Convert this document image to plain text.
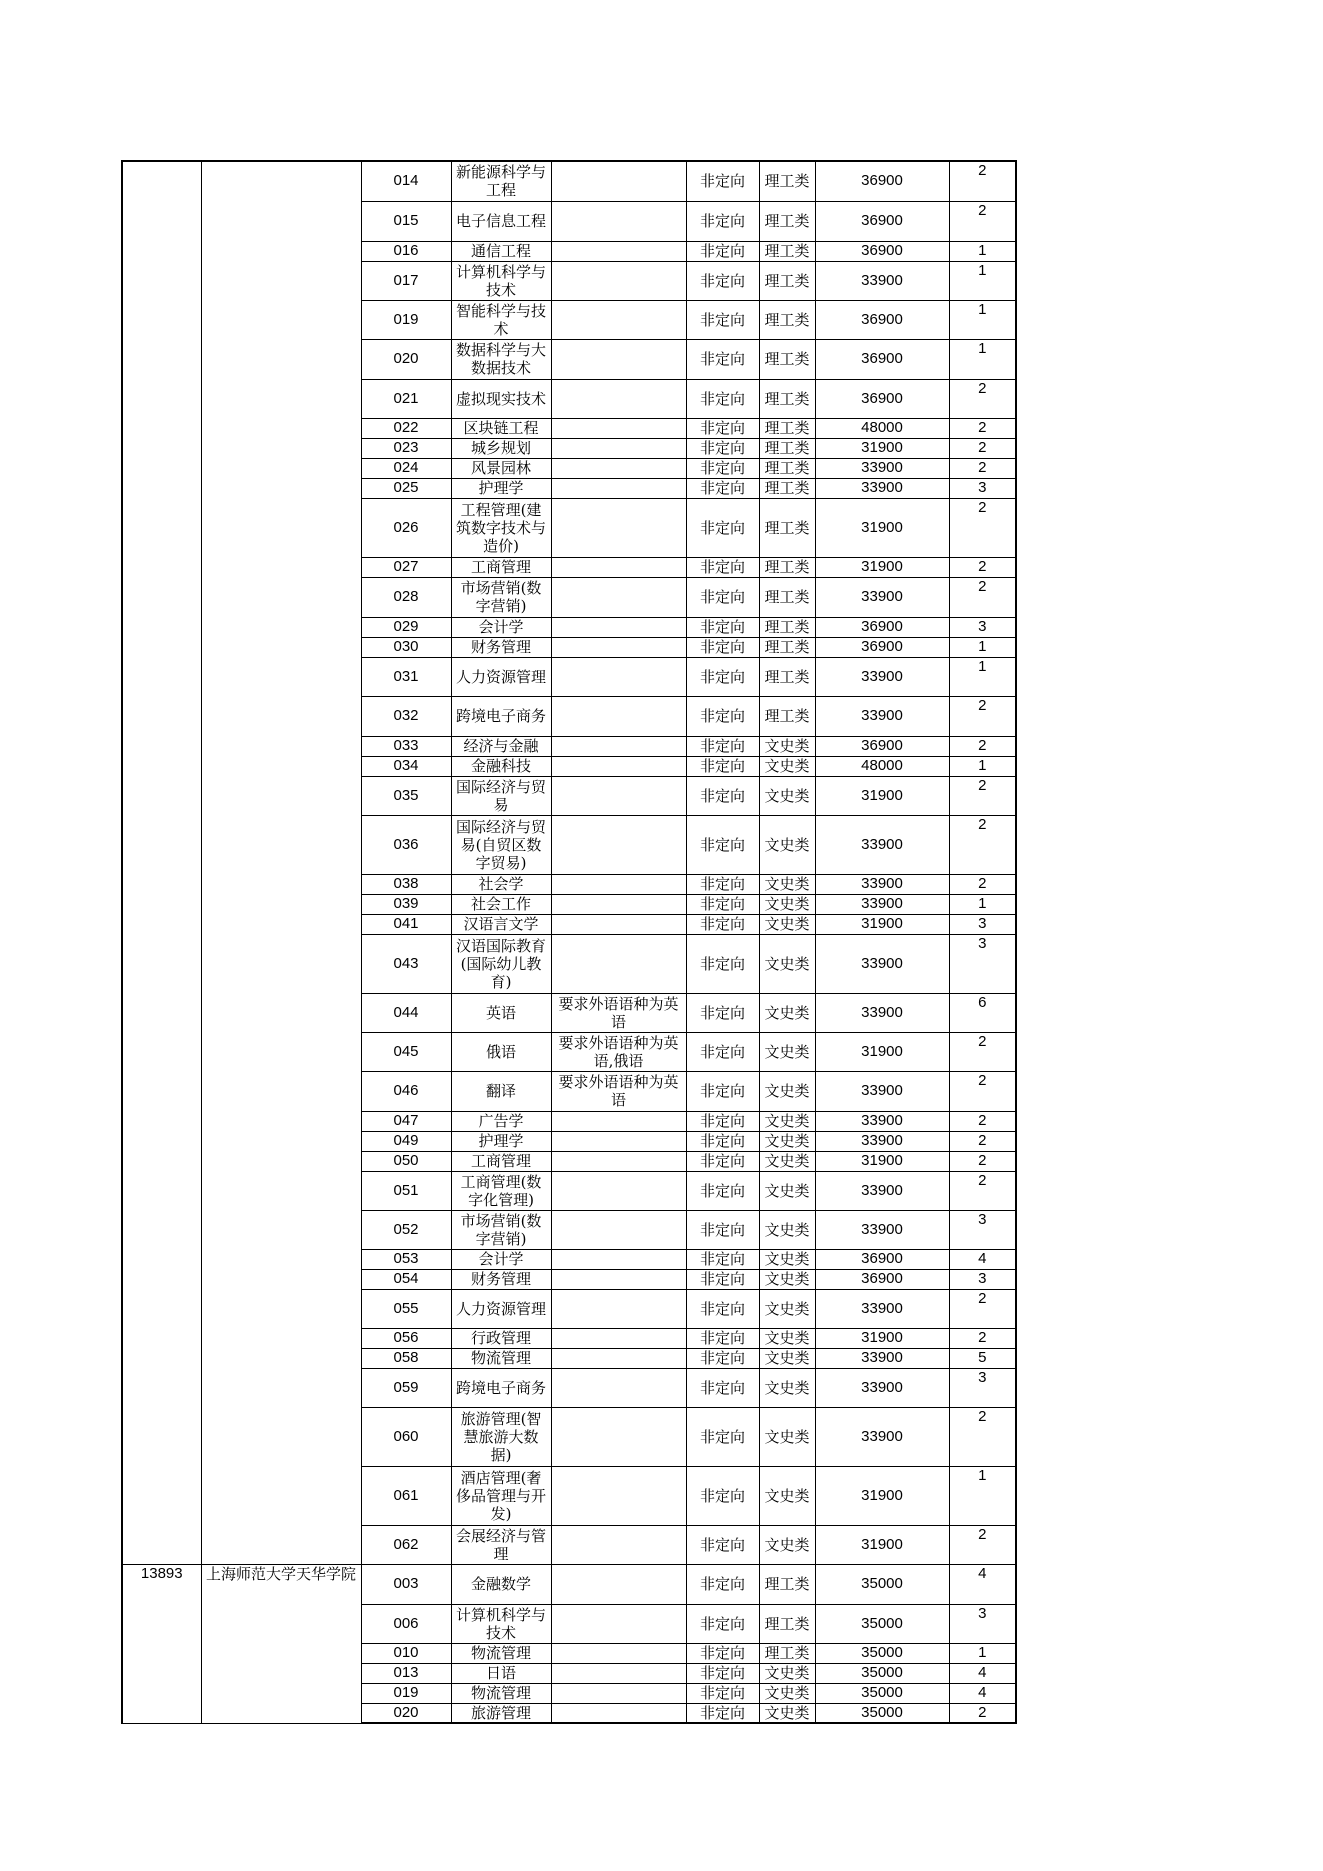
		014	新能源科学与工程		非定向	理工类	36900	2
		015	电子信息工程		非定向	理工类	36900	2
		016	通信工程		非定向	理工类	36900	1
		017	计算机科学与技术		非定向	理工类	33900	1
		019	智能科学与技术		非定向	理工类	36900	1
		020	数据科学与大数据技术		非定向	理工类	36900	1
		021	虚拟现实技术		非定向	理工类	36900	2
		022	区块链工程		非定向	理工类	48000	2
		023	城乡规划		非定向	理工类	31900	2
		024	风景园林		非定向	理工类	33900	2
		025	护理学		非定向	理工类	33900	3
		026	工程管理(建筑数字技术与造价)		非定向	理工类	31900	2
		027	工商管理		非定向	理工类	31900	2
		028	市场营销(数字营销)		非定向	理工类	33900	2
		029	会计学		非定向	理工类	36900	3
		030	财务管理		非定向	理工类	36900	1
		031	人力资源管理		非定向	理工类	33900	1
		032	跨境电子商务		非定向	理工类	33900	2
		033	经济与金融		非定向	文史类	36900	2
		034	金融科技		非定向	文史类	48000	1
		035	国际经济与贸易		非定向	文史类	31900	2
		036	国际经济与贸易(自贸区数字贸易)		非定向	文史类	33900	2
		038	社会学		非定向	文史类	33900	2
		039	社会工作		非定向	文史类	33900	1
		041	汉语言文学		非定向	文史类	31900	3
		043	汉语国际教育(国际幼儿教育)		非定向	文史类	33900	3
		044	英语	要求外语语种为英语	非定向	文史类	33900	6
		045	俄语	要求外语语种为英语,俄语	非定向	文史类	31900	2
		046	翻译	要求外语语种为英语	非定向	文史类	33900	2
		047	广告学		非定向	文史类	33900	2
		049	护理学		非定向	文史类	33900	2
		050	工商管理		非定向	文史类	31900	2
		051	工商管理(数字化管理)		非定向	文史类	33900	2
		052	市场营销(数字营销)		非定向	文史类	33900	3
		053	会计学		非定向	文史类	36900	4
		054	财务管理		非定向	文史类	36900	3
		055	人力资源管理		非定向	文史类	33900	2
		056	行政管理		非定向	文史类	31900	2
		058	物流管理		非定向	文史类	33900	5
		059	跨境电子商务		非定向	文史类	33900	3
		060	旅游管理(智慧旅游大数据)		非定向	文史类	33900	2
		061	酒店管理(奢侈品管理与开发)		非定向	文史类	31900	1
		062	会展经济与管理		非定向	文史类	31900	2
13893	上海师范大学天华学院	003	金融数学		非定向	理工类	35000	4
		006	计算机科学与技术		非定向	理工类	35000	3
		010	物流管理		非定向	理工类	35000	1
		013	日语		非定向	文史类	35000	4
		019	物流管理		非定向	文史类	35000	4
		020	旅游管理		非定向	文史类	35000	2
